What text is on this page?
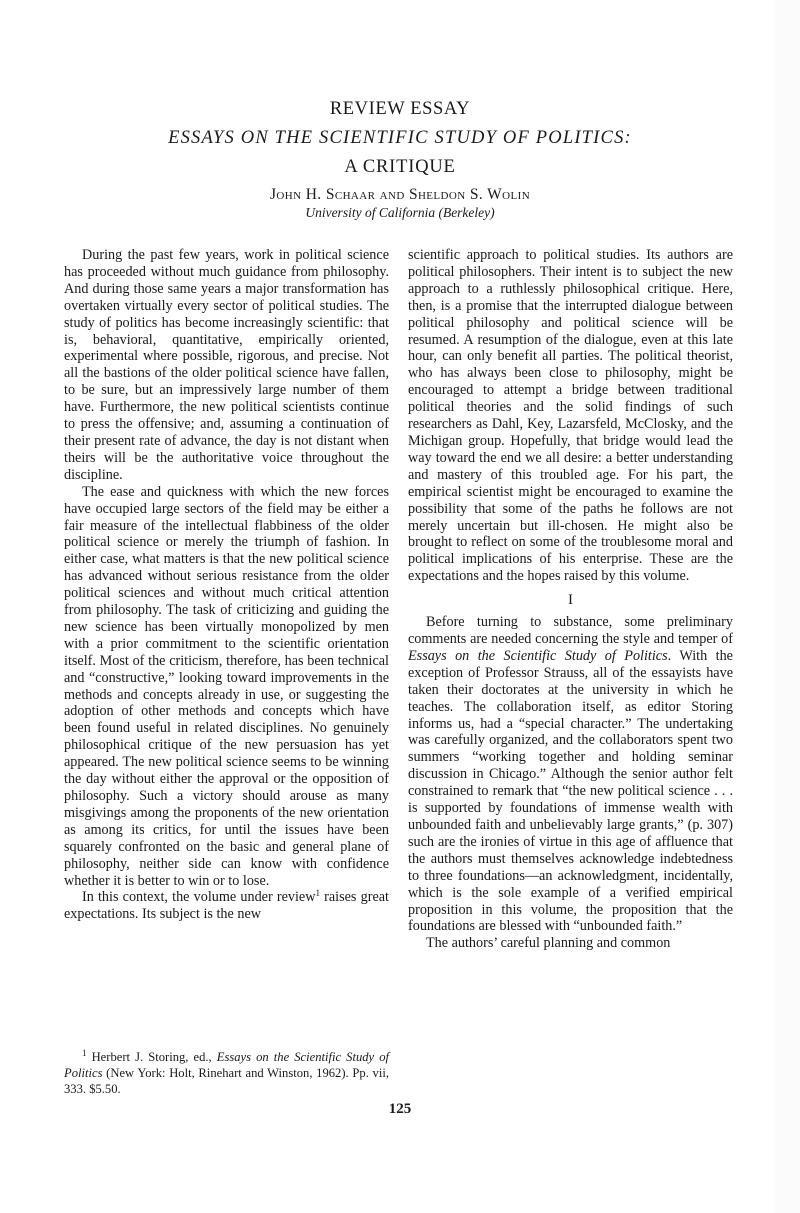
REVIEW ESSAY
ESSAYS ON THE SCIENTIFIC STUDY OF POLITICS:
A CRITIQUE
John H. Schaar and Sheldon S. Wolin
University of California (Berkeley)

During the past few years, work in political science has proceeded without much guidance from philosophy. And during those same years a major transformation has overtaken virtually every sector of political studies. The study of politics has become increasingly scientific: that is, behavioral, quantitative, empirically oriented, experimental where possible, rigorous, and precise. Not all the bastions of the older political science have fallen, to be sure, but an impressively large number of them have. Furthermore, the new political scientists continue to press the offensive; and, assuming a continuation of their present rate of advance, the day is not distant when theirs will be the authoritative voice throughout the discipline.

The ease and quickness with which the new forces have occupied large sectors of the field may be either a fair measure of the intellectual flabbiness of the older political science or merely the triumph of fashion. In either case, what matters is that the new political science has advanced without serious resistance from the older political sciences and without much critical attention from philosophy. The task of criticizing and guiding the new science has been virtually monopolized by men with a prior commitment to the scientific orientation itself. Most of the criticism, therefore, has been technical and “constructive,” looking toward improvements in the methods and concepts already in use, or suggesting the adoption of other methods and concepts which have been found useful in related disciplines. No genuinely philosophical critique of the new persuasion has yet appeared. The new political science seems to be winning the day without either the approval or the opposition of philosophy. Such a victory should arouse as many misgivings among the proponents of the new orientation as among its critics, for until the issues have been squarely confronted on the basic and general plane of philosophy, neither side can know with confidence whether it is better to win or to lose.

In this context, the volume under review$^1$ raises great expectations. Its subject is the new

scientific approach to political studies. Its authors are political philosophers. Their intent is to subject the new approach to a ruthlessly philosophical critique. Here, then, is a promise that the interrupted dialogue between political philosophy and political science will be resumed. A resumption of the dialogue, even at this late hour, can only benefit all parties. The political theorist, who has always been close to philosophy, might be encouraged to attempt a bridge between traditional political theories and the solid findings of such researchers as Dahl, Key, Lazarsfeld, McClosky, and the Michigan group. Hopefully, that bridge would lead the way toward the end we all desire: a better understanding and mastery of this troubled age. For his part, the empirical scientist might be encouraged to examine the possibility that some of the paths he follows are not merely uncertain but ill-chosen. He might also be brought to reflect on some of the troublesome moral and political implications of his enterprise. These are the expectations and the hopes raised by this volume.

I

Before turning to substance, some preliminary comments are needed concerning the style and temper of Essays on the Scientific Study of Politics. With the exception of Professor Strauss, all of the essayists have taken their doctorates at the university in which he teaches. The collaboration itself, as editor Storing informs us, had a “special character.” The undertaking was carefully organized, and the collaborators spent two summers “working together and holding seminar discussion in Chicago.” Although the senior author felt constrained to remark that “the new political science . . . is supported by foundations of immense wealth with unbounded faith and unbelievably large grants,” (p. 307) such are the ironies of virtue in this age of affluence that the authors must themselves acknowledge indebtedness to three foundations—an acknowledgment, incidentally, which is the sole example of a verified empirical proposition in this volume, the proposition that the foundations are blessed with “unbounded faith.”

The authors’ careful planning and common

$^1$ Herbert J. Storing, ed., Essays on the Scientific Study of Politics (New York: Holt, Rinehart and Winston, 1962). Pp. vii, 333. $5.50.

125
